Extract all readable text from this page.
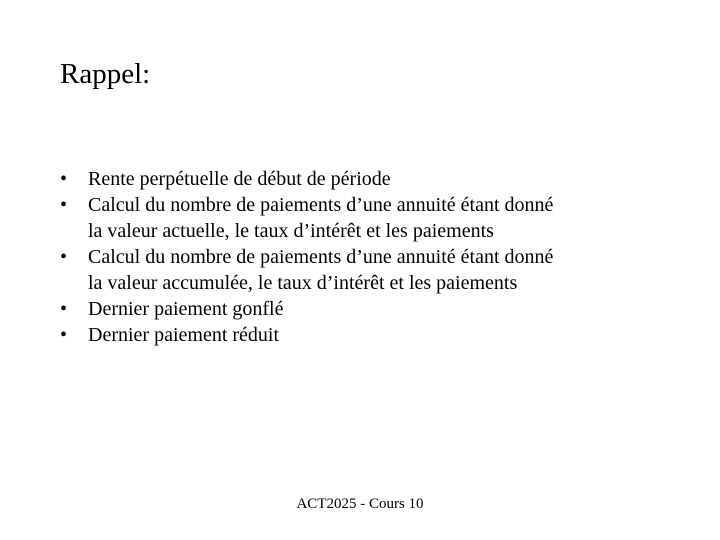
Rappel:
• Rente perpétuelle de début de période
• Calcul du nombre de paiements d’une annuité étant donné
la valeur actuelle, le taux d’intérêt et les paiements
• Calcul du nombre de paiements d’une annuité étant donné
la valeur accumulée, le taux d’intérêt et les paiements
• Dernier paiement gonflé
• Dernier paiement réduit
ACT2025 - Cours 10
